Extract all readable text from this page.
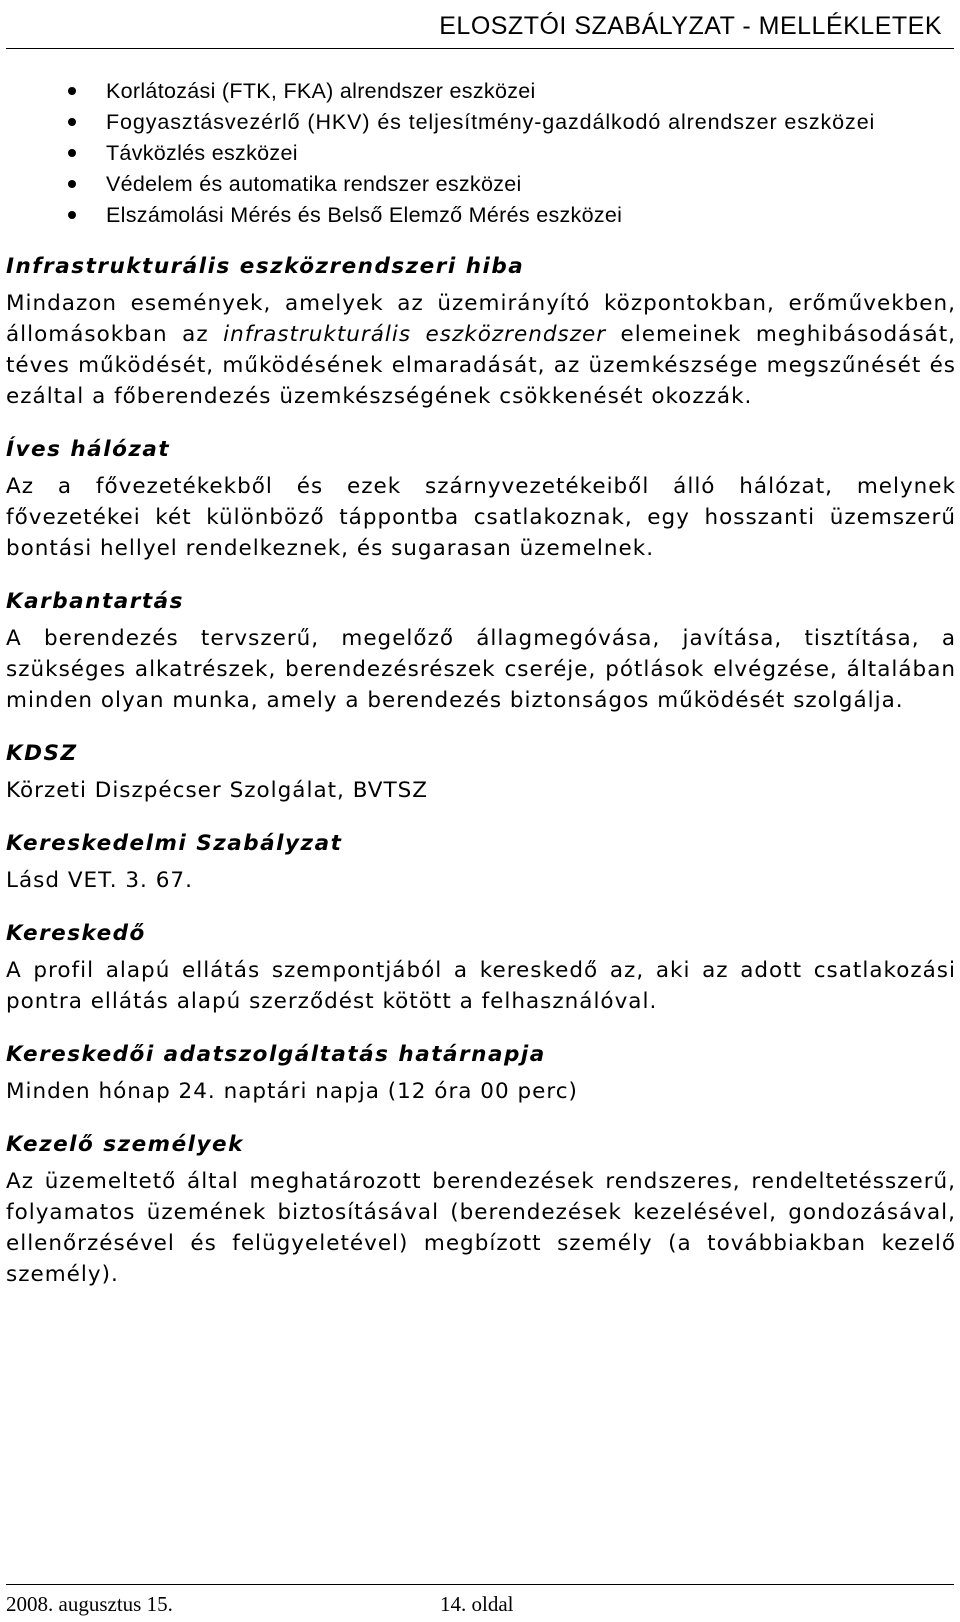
ELOSZTÓI SZABÁLYZAT - MELLÉKLETEK
Korlátozási (FTK, FKA) alrendszer eszközei
Fogyasztásvezérlő (HKV) és teljesítmény-gazdálkodó alrendszer eszközei
Távközlés eszközei
Védelem és automatika rendszer eszközei
Elszámolási Mérés és Belső Elemző Mérés eszközei
Infrastrukturális eszközrendszeri hiba
Mindazon események, amelyek az üzemirányító központokban, erőművekben, állomásokban az infrastrukturális eszközrendszer elemeinek meghibásodását, téves működését, működésének elmaradását, az üzemkészsége megszűnését és ezáltal a főberendezés üzemkészségének csökkenését okozzák.
Íves hálózat
Az a fővezetékekből és ezek szárnyvezetékeiből álló hálózat, melynek fővezetékei két különböző táppontba csatlakoznak, egy hosszanti üzemszerű bontási hellyel rendelkeznek, és sugarasan üzemelnek.
Karbantartás
A berendezés tervszerű, megelőző állagmegóvása, javítása, tisztítása, a szükséges alkatrészek, berendezésrészek cseréje, pótlások elvégzése, általában minden olyan munka, amely a berendezés biztonságos működését szolgálja.
KDSZ
Körzeti Diszpécser Szolgálat, BVTSZ
Kereskedelmi Szabályzat
Lásd VET. 3. 67.
Kereskedő
A profil alapú ellátás szempontjából a kereskedő az, aki az adott csatlakozási pontra ellátás alapú szerződést kötött a felhasználóval.
Kereskedői adatszolgáltatás határnapja
Minden hónap 24. naptári napja (12 óra 00 perc)
Kezelő személyek
Az üzemeltető által meghatározott berendezések rendszeres, rendeltetésszerű, folyamatos üzemének biztosításával (berendezések kezelésével, gondozásával, ellenőrzésével és felügyeletével) megbízott személy (a továbbiakban kezelő személy).
2008. augusztus 15.	14. oldal
